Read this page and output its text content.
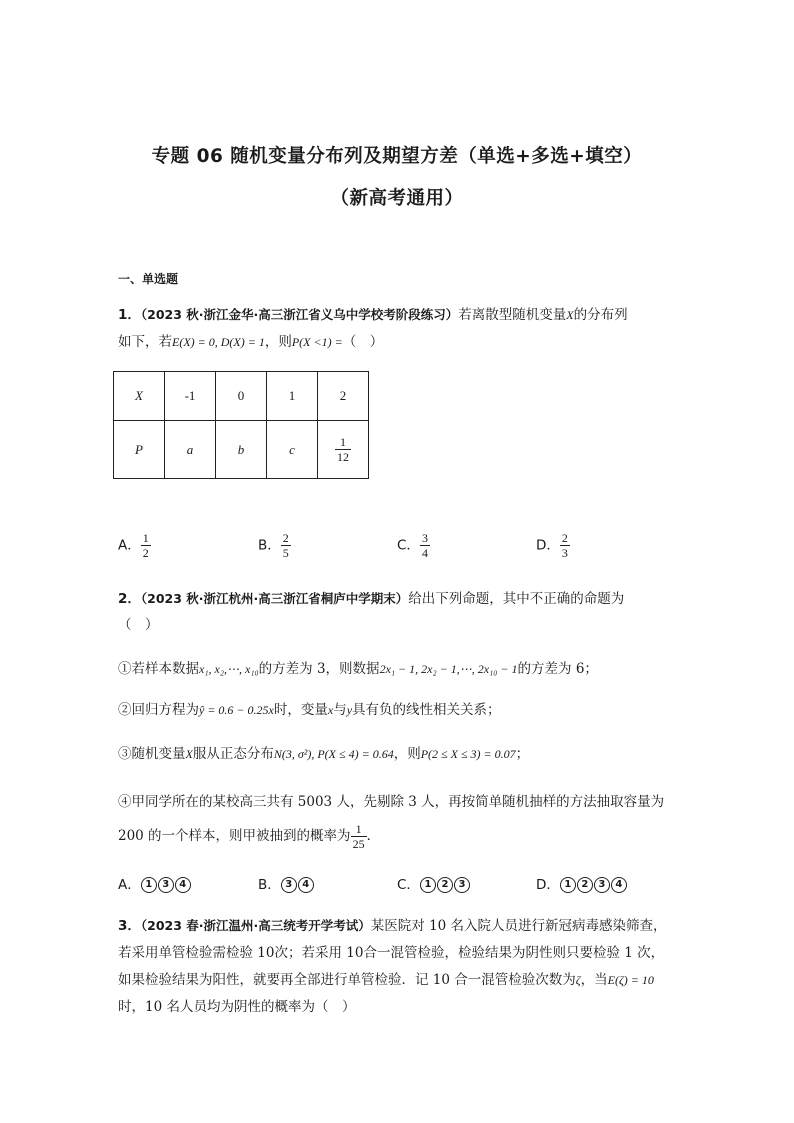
专题 06 随机变量分布列及期望方差（单选+多选+填空）
（新高考通用）
一、单选题
1．（2023 秋·浙江金华·高三浙江省义乌中学校考阶段练习）若离散型随机变量X的分布列
如下，若E(X) = 0, D(X) = 1，则P(X <1) =（　）
X	-1	0	1	2
P	a	b	c	$\frac{1}{12}$
A． $\frac{1}{2}$	B． $\frac{2}{5}$	C． $\frac{3}{4}$	D． $\frac{2}{3}$
2．（2023 秋·浙江杭州·高三浙江省桐庐中学期末）给出下列命题，其中不正确的命题为
（　）
①若样本数据x₁, x₂,⋯, x₁₀的方差为 3，则数据2x₁ − 1, 2x₂ − 1,⋯, 2x₁₀ − 1的方差为 6；
②回归方程为ŷ = 0.6 − 0.25x时，变量x与y具有负的线性相关关系；
③随机变量X服从正态分布N(3, σ²), P(X ≤ 4) = 0.64，则P(2 ≤ X ≤ 3) = 0.07；
④甲同学所在的某校高三共有 5003 人，先剔除 3 人，再按简单随机抽样的方法抽取容量为
200 的一个样本，则甲被抽到的概率为 $\frac{1}{25}$ ．
A． 1 3 4	B． 3 4	C． 1 2 3	D． 1 2 3 4
3．（2023 春·浙江温州·高三统考开学考试）某医院对 10 名入院人员进行新冠病毒感染筛查，
若采用单管检验需检验 10次；若采用 10合一混管检验，检验结果为阴性则只要检验 1 次，
如果检验结果为阳性，就要再全部进行单管检验．记 10 合一混管检验次数为ζ，当E(ζ) = 10
时，10 名人员均为阴性的概率为（　）
